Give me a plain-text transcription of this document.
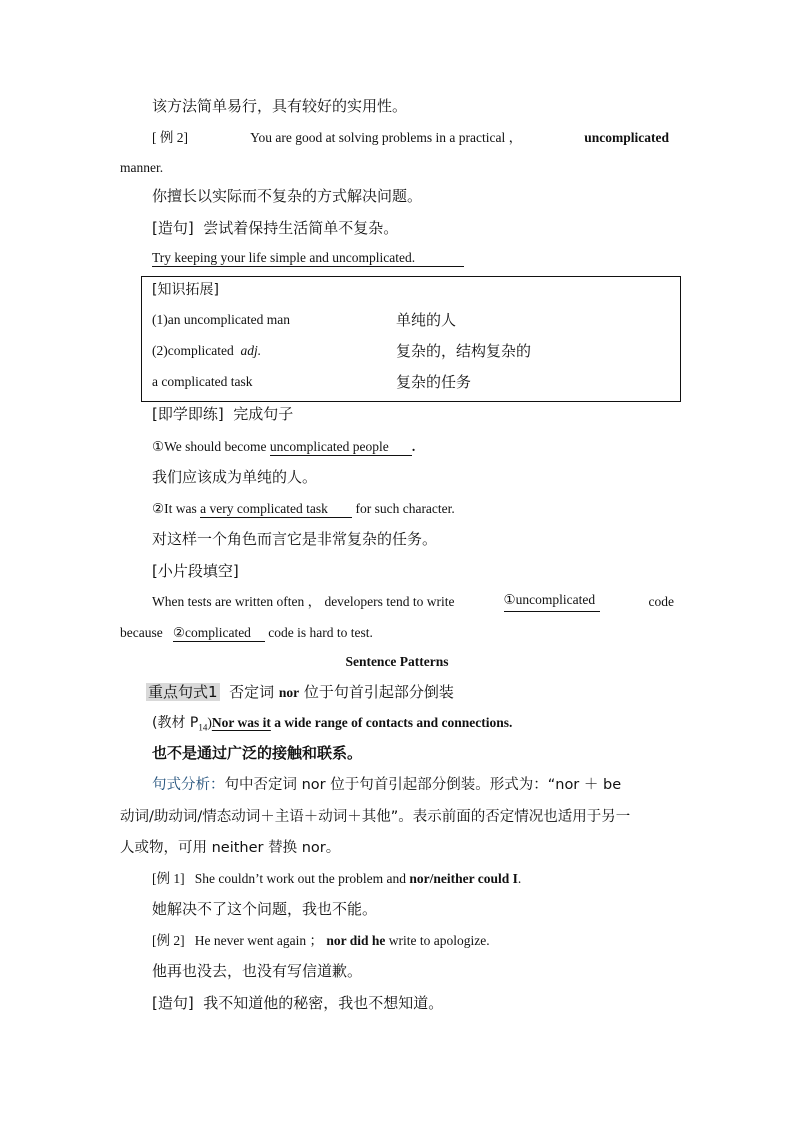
该方法简单易行，具有较好的实用性。
[ 例 2]	You are good at solving problems in a practical ，	uncomplicated
manner.
你擅长以实际而不复杂的方式解决问题。
[造句] 尝试着保持生活简单不复杂。
Try keeping your life simple and uncomplicated.
[知识拓展]
(1)an uncomplicated man	单纯的人
(2)complicated adj.	复杂的，结构复杂的
a complicated task	复杂的任务
[即学即练] 完成句子
①We should become uncomplicated people .
我们应该成为单纯的人。
②It was a very complicated task for such character.
对这样一个角色而言它是非常复杂的任务。
[小片段填空]
When tests are written often ， developers tend to write	①uncomplicated	code
because ②complicated code is hard to test.
Sentence Patterns
重点句式1 否定词 nor 位于句首引起部分倒装
(教材 $P_{14})Nor$ was it a wide range of contacts and connections.
也不是通过广泛的接触和联系。
句式分析：句中否定词 nor 位于句首引起部分倒装。形式为：“nor ＋ be
动词/助动词/情态动词＋主语＋动词＋其他”。表示前面的否定情况也适用于另一
人或物，可用 neither 替换 nor。
[例 1] She couldn’t work out the problem and nor/neither could I.
她解决不了这个问题，我也不能。
[例 2] He never went again ； nor did he write to apologize.
他再也没去，也没有写信道歉。
[造句] 我不知道他的秘密，我也不想知道。
